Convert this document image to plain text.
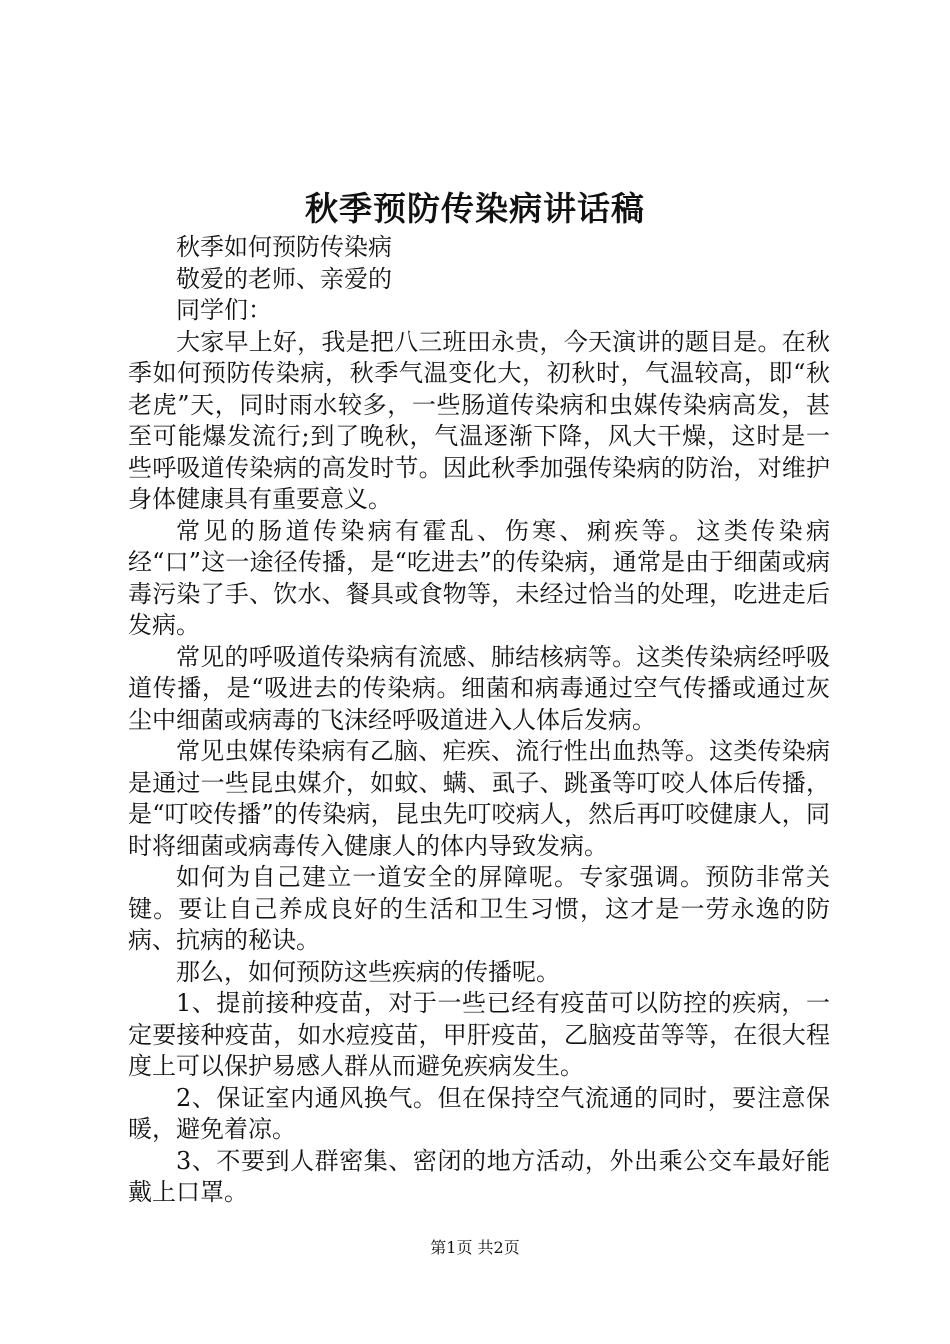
秋季预防传染病讲话稿

秋季如何预防传染病

敬爱的老师、亲爱的

同学们：

大家早上好，我是把八三班田永贵，今天演讲的题目是。在秋季如何预防传染病，秋季气温变化大，初秋时，气温较高，即“秋老虎”天，同时雨水较多，一些肠道传染病和虫媒传染病高发，甚至可能爆发流行;到了晚秋，气温逐渐下降，风大干燥，这时是一些呼吸道传染病的高发时节。因此秋季加强传染病的防治，对维护身体健康具有重要意义。

常见的肠道传染病有霍乱、伤寒、痢疾等。这类传染病经“口”这一途径传播，是“吃进去”的传染病，通常是由于细菌或病毒污染了手、饮水、餐具或食物等，未经过恰当的处理，吃进走后发病。

常见的呼吸道传染病有流感、肺结核病等。这类传染病经呼吸道传播，是“吸进去的传染病。细菌和病毒通过空气传播或通过灰尘中细菌或病毒的飞沫经呼吸道进入人体后发病。

常见虫媒传染病有乙脑、疟疾、流行性出血热等。这类传染病是通过一些昆虫媒介，如蚊、螨、虱子、跳蚤等叮咬人体后传播，是“叮咬传播”的传染病，昆虫先叮咬病人，然后再叮咬健康人，同时将细菌或病毒传入健康人的体内导致发病。

如何为自己建立一道安全的屏障呢。专家强调。预防非常关键。要让自己养成良好的生活和卫生习惯，这才是一劳永逸的防病、抗病的秘诀。

那么，如何预防这些疾病的传播呢。

1、提前接种疫苗，对于一些已经有疫苗可以防控的疾病，一定要接种疫苗，如水痘疫苗，甲肝疫苗，乙脑疫苗等等，在很大程度上可以保护易感人群从而避免疾病发生。

2、保证室内通风换气。但在保持空气流通的同时，要注意保暖，避免着凉。

3、不要到人群密集、密闭的地方活动，外出乘公交车最好能戴上口罩。

第1页 共2页
